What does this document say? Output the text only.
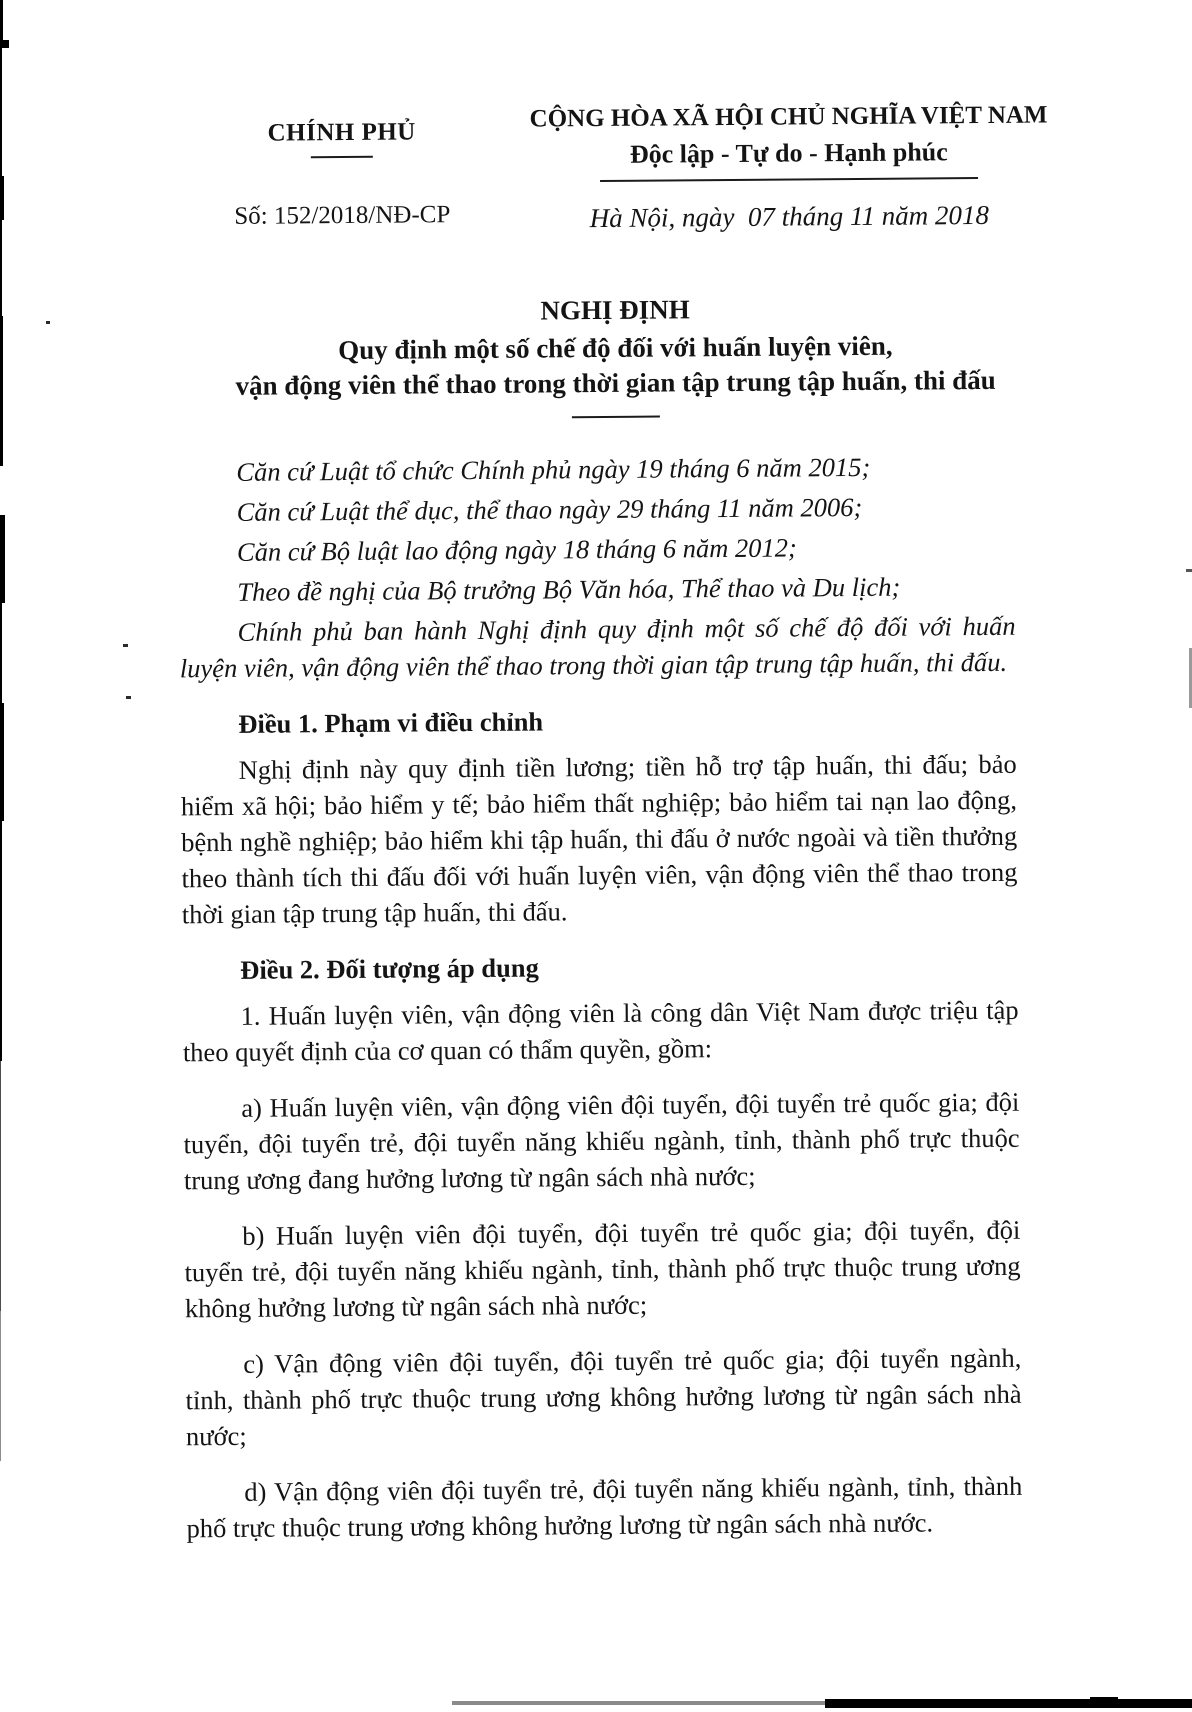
CHÍNH PHỦ
Số: 152/2018/NĐ-CP
CỘNG HÒA XÃ HỘI CHỦ NGHĨA VIỆT NAM
Độc lập - Tự do - Hạnh phúc
Hà Nội, ngày  07 tháng 11 năm 2018
NGHỊ ĐỊNH
Quy định một số chế độ đối với huấn luyện viên,
vận động viên thể thao trong thời gian tập trung tập huấn, thi đấu

Căn cứ Luật tổ chức Chính phủ ngày 19 tháng 6 năm 2015;

Căn cứ Luật thể dục, thể thao ngày 29 tháng 11 năm 2006;

Căn cứ Bộ luật lao động ngày 18 tháng 6 năm 2012;

Theo đề nghị của Bộ trưởng Bộ Văn hóa, Thể thao và Du lịch;

Chính phủ ban hành Nghị định quy định một số chế độ đối với huấn luyện viên, vận động viên thể thao trong thời gian tập trung tập huấn, thi đấu.

Điều 1. Phạm vi điều chỉnh

Nghị định này quy định tiền lương; tiền hỗ trợ tập huấn, thi đấu; bảo hiểm xã hội; bảo hiểm y tế; bảo hiểm thất nghiệp; bảo hiểm tai nạn lao động, bệnh nghề nghiệp; bảo hiểm khi tập huấn, thi đấu ở nước ngoài và tiền thưởng theo thành tích thi đấu đối với huấn luyện viên, vận động viên thể thao trong thời gian tập trung tập huấn, thi đấu.

Điều 2. Đối tượng áp dụng

1. Huấn luyện viên, vận động viên là công dân Việt Nam được triệu tập theo quyết định của cơ quan có thẩm quyền, gồm:

a) Huấn luyện viên, vận động viên đội tuyển, đội tuyển trẻ quốc gia; đội tuyển, đội tuyển trẻ, đội tuyển năng khiếu ngành, tỉnh, thành phố trực thuộc trung ương đang hưởng lương từ ngân sách nhà nước;

b) Huấn luyện viên đội tuyển, đội tuyển trẻ quốc gia; đội tuyển, đội tuyển trẻ, đội tuyển năng khiếu ngành, tỉnh, thành phố trực thuộc trung ương không hưởng lương từ ngân sách nhà nước;

c) Vận động viên đội tuyển, đội tuyển trẻ quốc gia; đội tuyển ngành, tỉnh, thành phố trực thuộc trung ương không hưởng lương từ ngân sách nhà nước;

d) Vận động viên đội tuyển trẻ, đội tuyển năng khiếu ngành, tỉnh, thành phố trực thuộc trung ương không hưởng lương từ ngân sách nhà nước.
